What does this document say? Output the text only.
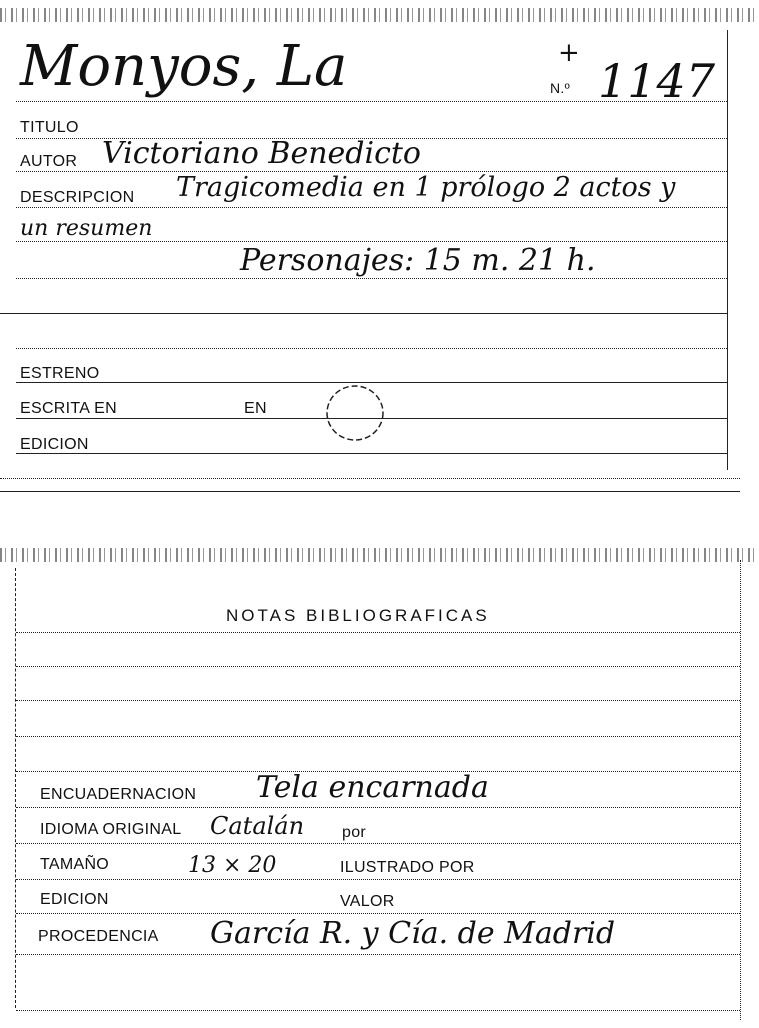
Monyos, La	+
N.º 1147
TITULO
AUTOR Victoriano Benedicto
DESCRIPCION Tragicomedia en 1 prólogo 2 actos y
un resumen
Personajes: 15 m. 21 h.
ESTRENO
ESCRITA EN	EN
EDICION
NOTAS BIBLIOGRAFICAS
ENCUADERNACION Tela encarnada
IDIOMA ORIGINAL Catalán por
TAMAÑO	13 × 20	ILUSTRADO POR
EDICION	VALOR
PROCEDENCIA García R. y Cía. de Madrid
